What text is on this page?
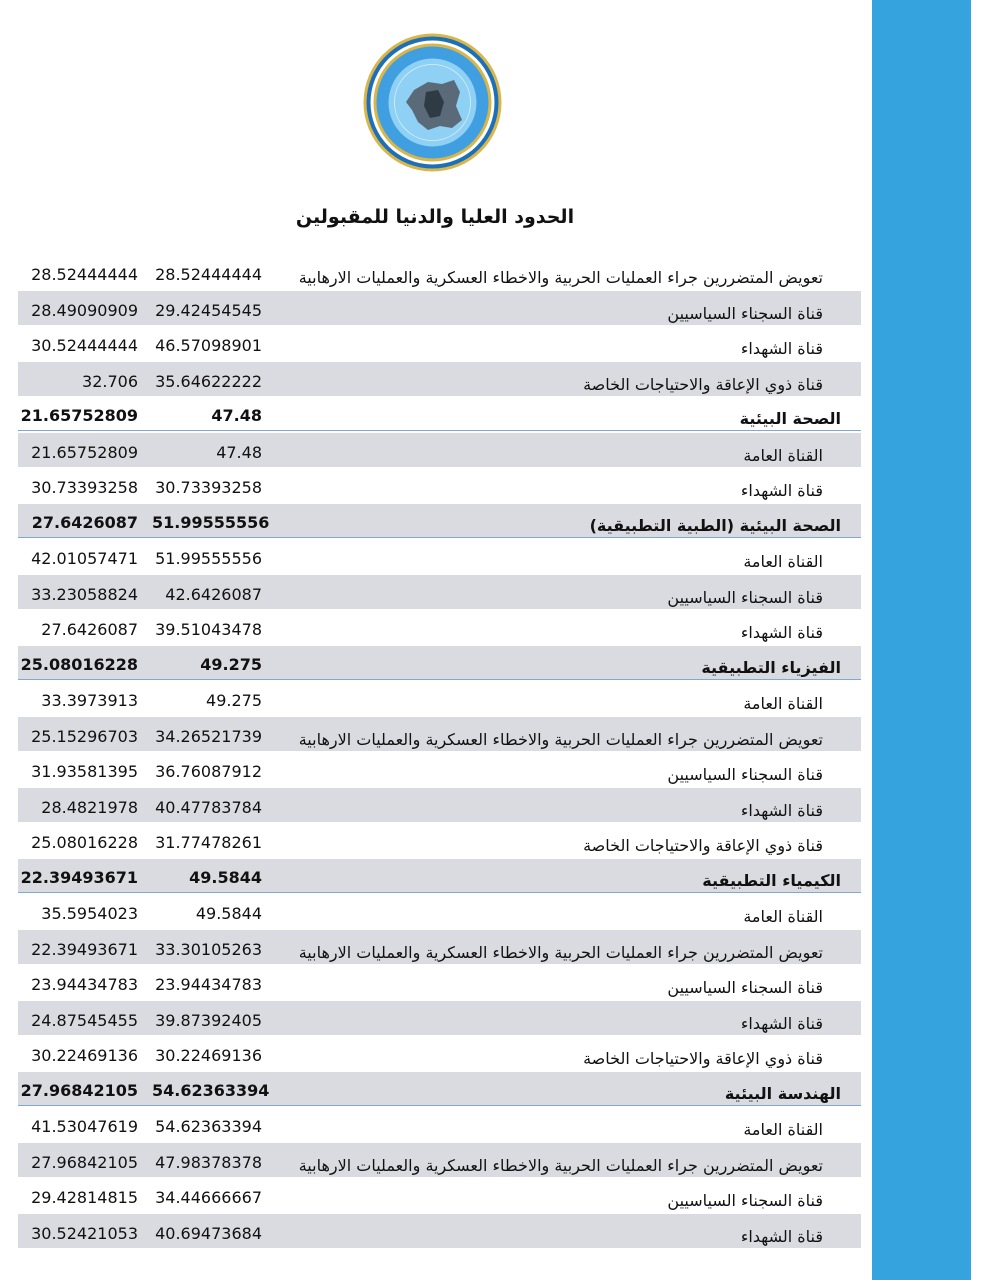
الحدود العليا والدنيا للمقبولين
28.52444444 28.52444444 تعويض المتضررين جراء العمليات الحربية والاخطاء العسكرية والعمليات الارهابية
28.49090909 29.42454545	قناة السجناء السياسيين
30.52444444 46.57098901	قناة الشهداء
32.706 35.64622222	قناة ذوي الإعاقة والاحتياجات الخاصة
21.65752809	47.48	الصحة البيئية
21.65752809	47.48	القناة العامة
30.73393258 30.73393258	قناة الشهداء
27.6426087 51.99555556	الصحة البيئية (الطبية التطبيقية)
42.01057471 51.99555556	القناة العامة
33.23058824	42.6426087	قناة السجناء السياسيين
27.6426087 39.51043478	قناة الشهداء
25.08016228	49.275	الفيزياء التطبيقية
33.3973913	49.275	القناة العامة
25.15296703 34.26521739 تعويض المتضررين جراء العمليات الحربية والاخطاء العسكرية والعمليات الارهابية
31.93581395 36.76087912	قناة السجناء السياسيين
28.4821978 40.47783784	قناة الشهداء
25.08016228 31.77478261	قناة ذوي الإعاقة والاحتياجات الخاصة
22.39493671	49.5844	الكيمياء التطبيقية
35.5954023	49.5844	القناة العامة
22.39493671 33.30105263 تعويض المتضررين جراء العمليات الحربية والاخطاء العسكرية والعمليات الارهابية
23.94434783 23.94434783	قناة السجناء السياسيين
24.87545455 39.87392405	قناة الشهداء
30.22469136 30.22469136	قناة ذوي الإعاقة والاحتياجات الخاصة
27.96842105 54.62363394	الهندسة البيئية
41.53047619 54.62363394	القناة العامة
27.96842105 47.98378378 تعويض المتضررين جراء العمليات الحربية والاخطاء العسكرية والعمليات الارهابية
29.42814815 34.44666667	قناة السجناء السياسيين
30.52421053 40.69473684	قناة الشهداء
